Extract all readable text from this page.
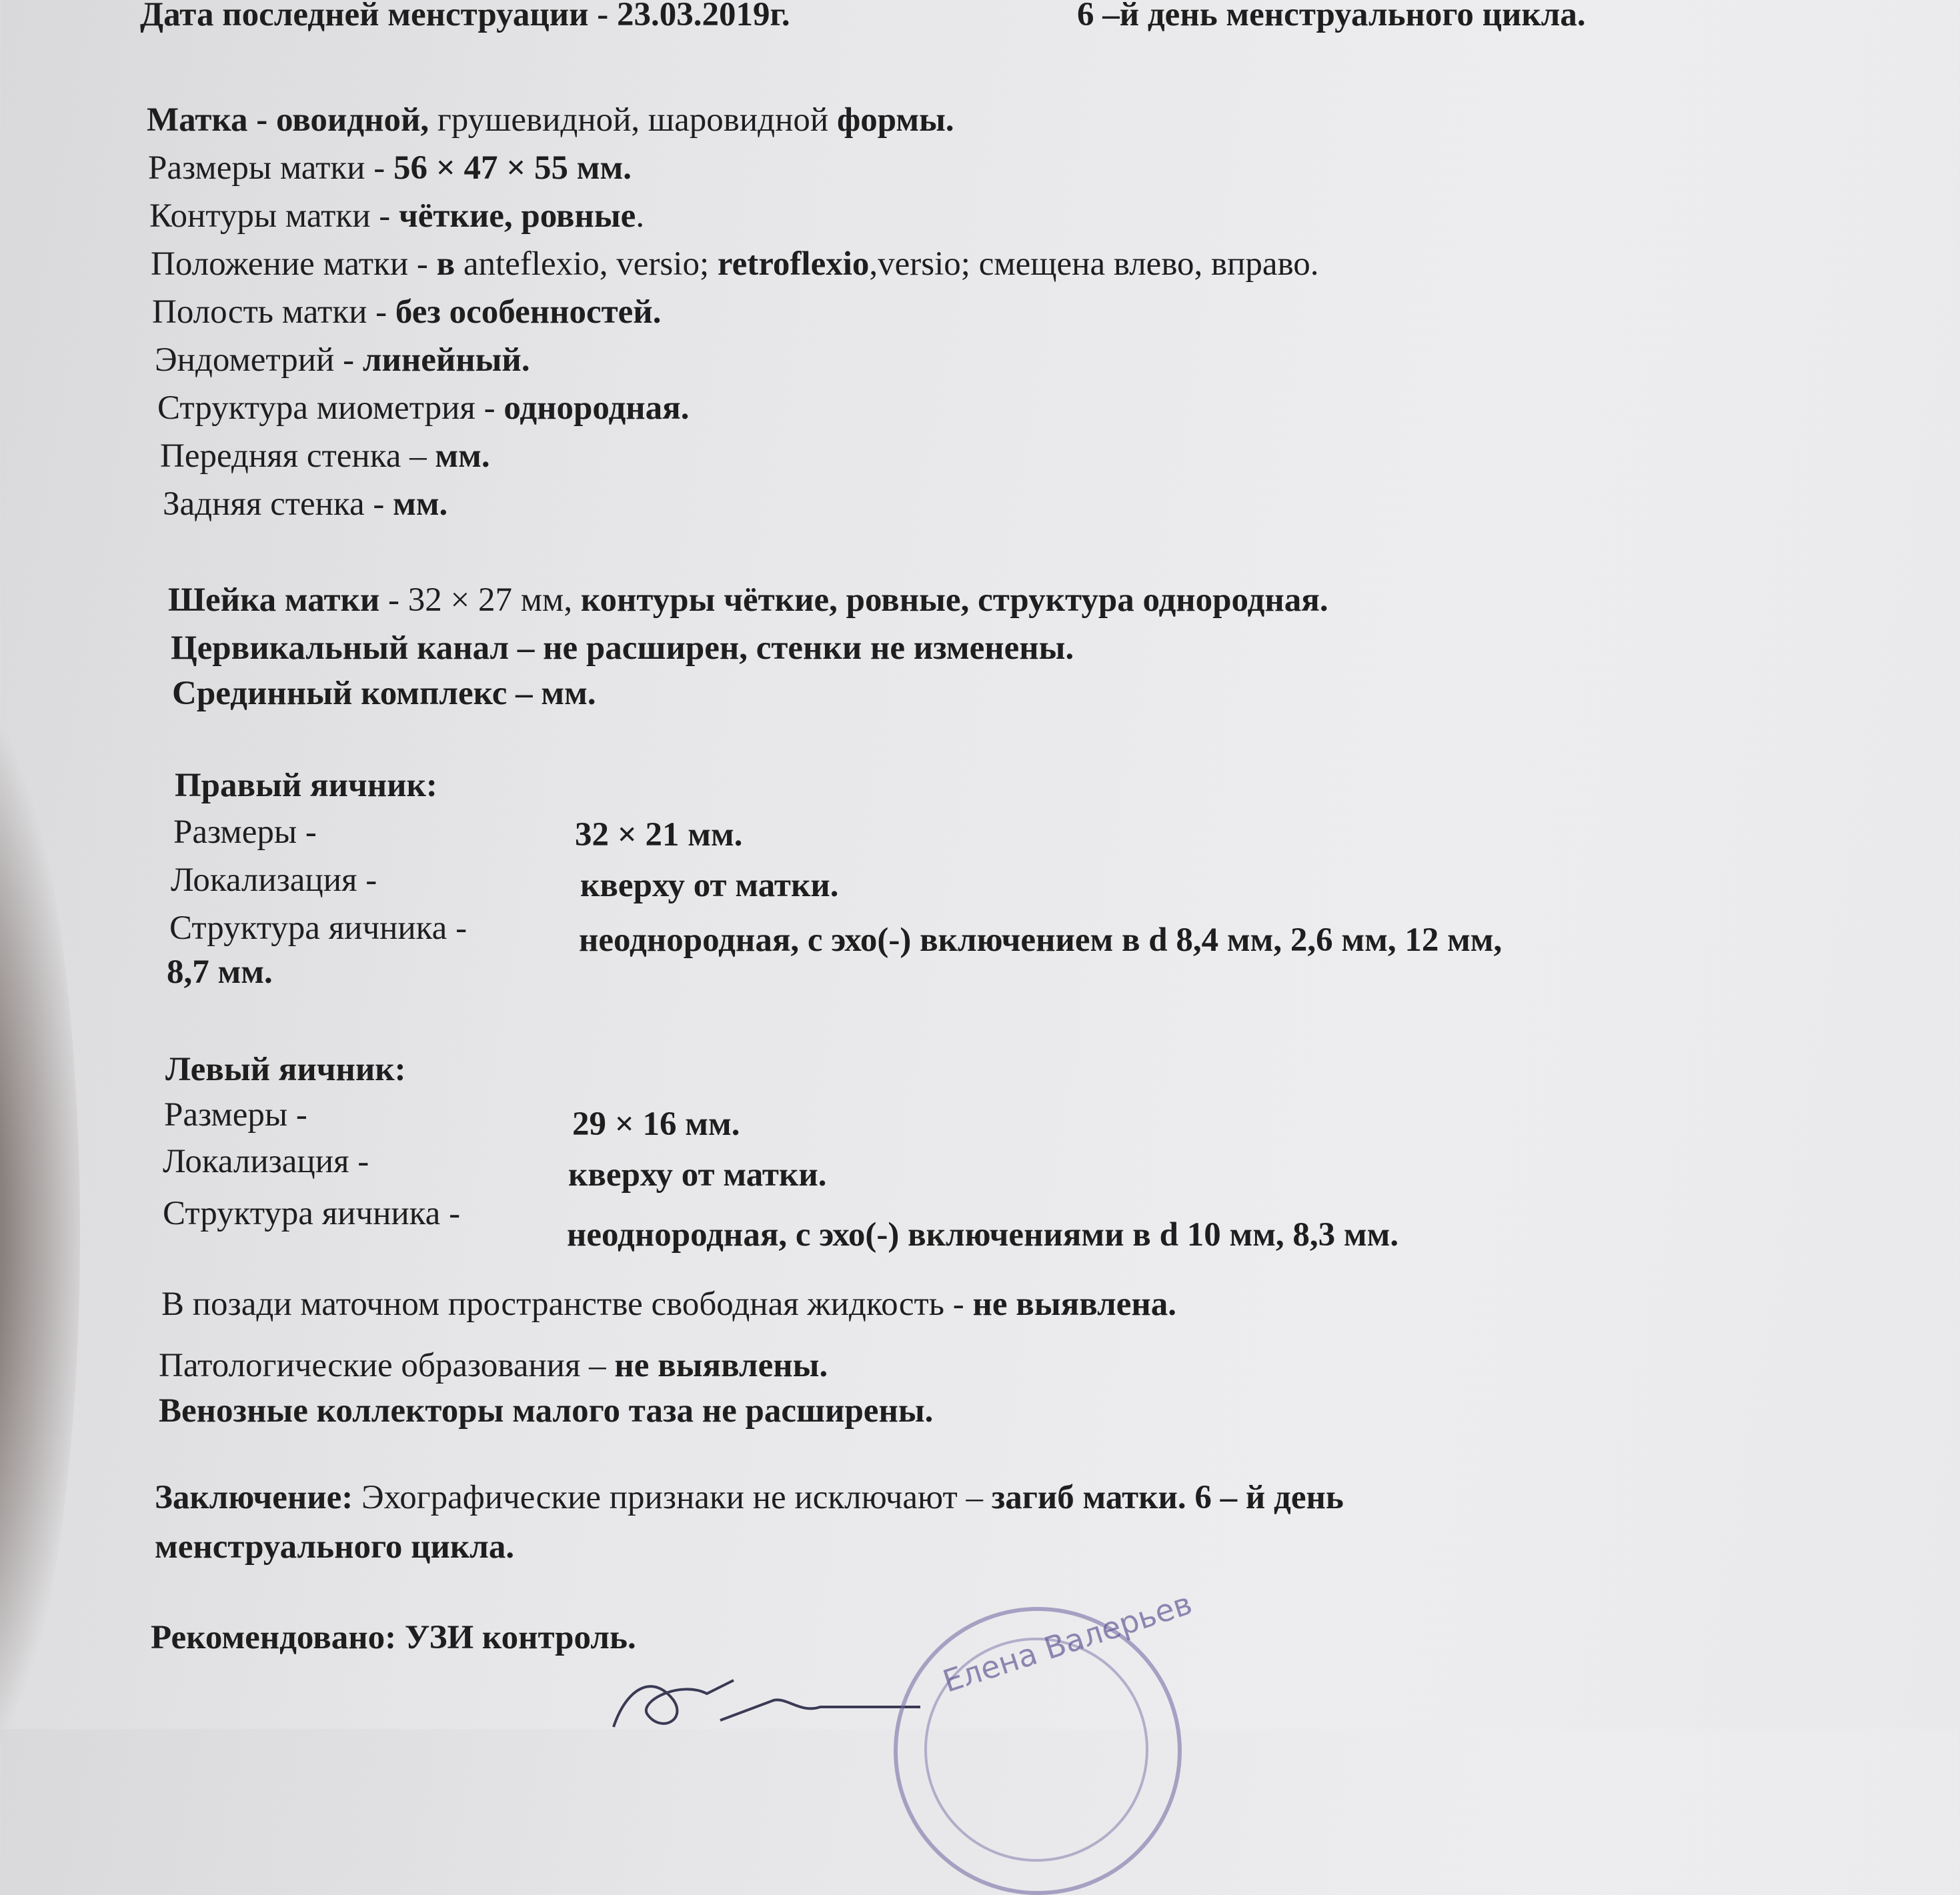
Дата последней менструации - 23.03.2019г.	6 –й день менструального цикла.
Матка - овоидной, грушевидной, шаровидной формы.
Размеры матки - 56 × 47 × 55 мм.
Контуры матки - чёткие, ровные.
Положение матки - в anteflexio, versio; retroflexio,versio; смещена влево, вправо.
Полость матки - без особенностей.
Эндометрий - линейный.
Структура миометрия - однородная.
Передняя стенка – мм.
Задняя стенка - мм.
Шейка матки - 32 × 27 мм, контуры чёткие, ровные, структура однородная.
Цервикальный канал – не расширен, стенки не изменены.
Срединный комплекс – мм.
Правый яичник:
Размеры -	32 × 21 мм.
Локализация -	кверху от матки.
Структура яичника -	неоднородная, с эхо(-) включением в d 8,4 мм, 2,6 мм, 12 мм,
8,7 мм.
Левый яичник:
Размеры -	29 × 16 мм.
Локализация -	кверху от матки.
Структура яичника -
неоднородная, с эхо(-) включениями в d 10 мм, 8,3 мм.
В позади маточном пространстве свободная жидкость - не выявлена.
Патологические образования – не выявлены.
Венозные коллекторы малого таза не расширены.
Заключение: Эхографические признаки не исключают – загиб матки. 6 – й день
менструального цикла.
Рекомендовано: УЗИ контроль.	Елена Валерьев
